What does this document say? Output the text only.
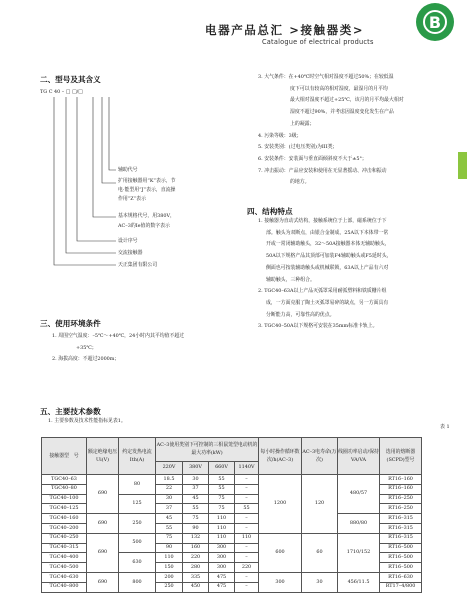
电器产品总汇 >接触器类>
Catalogue of electrical products
B
二、型号及其含义
TG C 40 – □ □/□
辅助代号
扩用接触器用“K”表示，节
电·能型用“J”表示，直流操
作用“Z”表示
基本规格代号，用380V，
AC–3的Ie值的数字表示
设计序号
交流接触器
天正集团有限公司
三、使用环境条件
1. 周围空气温度：–5℃～+40℃，24小时内其平均值不超过
+35℃；
2. 海拔高度：不超过2000m；
3. 大气条件：在+40℃时空气相对湿度不超过50%；在较低温
度下可以有较高的相对湿度，最湿月的月平均
最大相对湿度不超过+25℃，该月的月平均最大相对
湿度不超过90%，并考虑因温度变化发生在产品
上的凝露；
4. 污染等级：3级；
5. 安装类别：(过电压类别)为III类；
6. 安装条件：安装面与垂直面倾斜度不大于±5°；
7. 冲击振动：产品应安装和使用在无显著摇动、冲击和振动
的地方。
四、结构特点
1. 接触器为直动式结构，接触系统位于上部，磁系统位于下
部。触头为双断点，由银合金制成，25A以下本体带一常
开或一常闭辅助触头，32～50A接触器本体无辅助触头，
50A以下规格产品其顶部可加装F4辅助触头或F5延时头，
侧面也可按装辅助触头或机械联锁，63A以上产品有六对
辅助触头，三种组合。
2. TGC40–63A以上产品灭弧罩采用耐弧塑料和铁质栅片组
成，一方面克服了陶土灭弧罩易碎的缺点，另一方面具有
分断能力高，可靠性高的优点。
3. TGC40–50A以下规格可安装在35mm标准卡轨上。
五、主要技术参数
1. 主要参数及技术性能指标见表1。
表 1
接触器型　号	额定绝缘电压Ui(V)	约定发热电流Ith(A)	AC–3使用类别下可控制的三相鼠笼型电动机的最大功率(kW)				每小时操作循环数次/h(AC–3)	AC–3电寿命(万次)	线圈功率启动/保持VA/VA	选用的熔断器(SCPD)型号
			220V	380V	660V	1140V				
TGC40–63	690	80	18.5	30	55	–	1200	120	480/57	RT16–160
TGC40–80			22	37	55	–				RT16–160
TGC40–100		125	30	45	75	–				RT16–250
TGC40–125			37	55	75	55				RT16–250
TGC40–160	690	250	45	75	110	–			880/80	RT16–315
TGC40–200			55	90	110	–				RT16–315
TGC40–250	690	500	75	132	110	110	600	60	1710/152	RT16–315
TGC40–315			90	160	300	–				RT16–500
TGC40–400		630	110	220	300	–				RT16–500
TGC40–500			150	280	300	220				RT16–500
TGC40–630	690	800	200	335	475	–	300	30	456/11.5	RT16–630
TGC40–800			250	450	475	–				RT17–4/800
